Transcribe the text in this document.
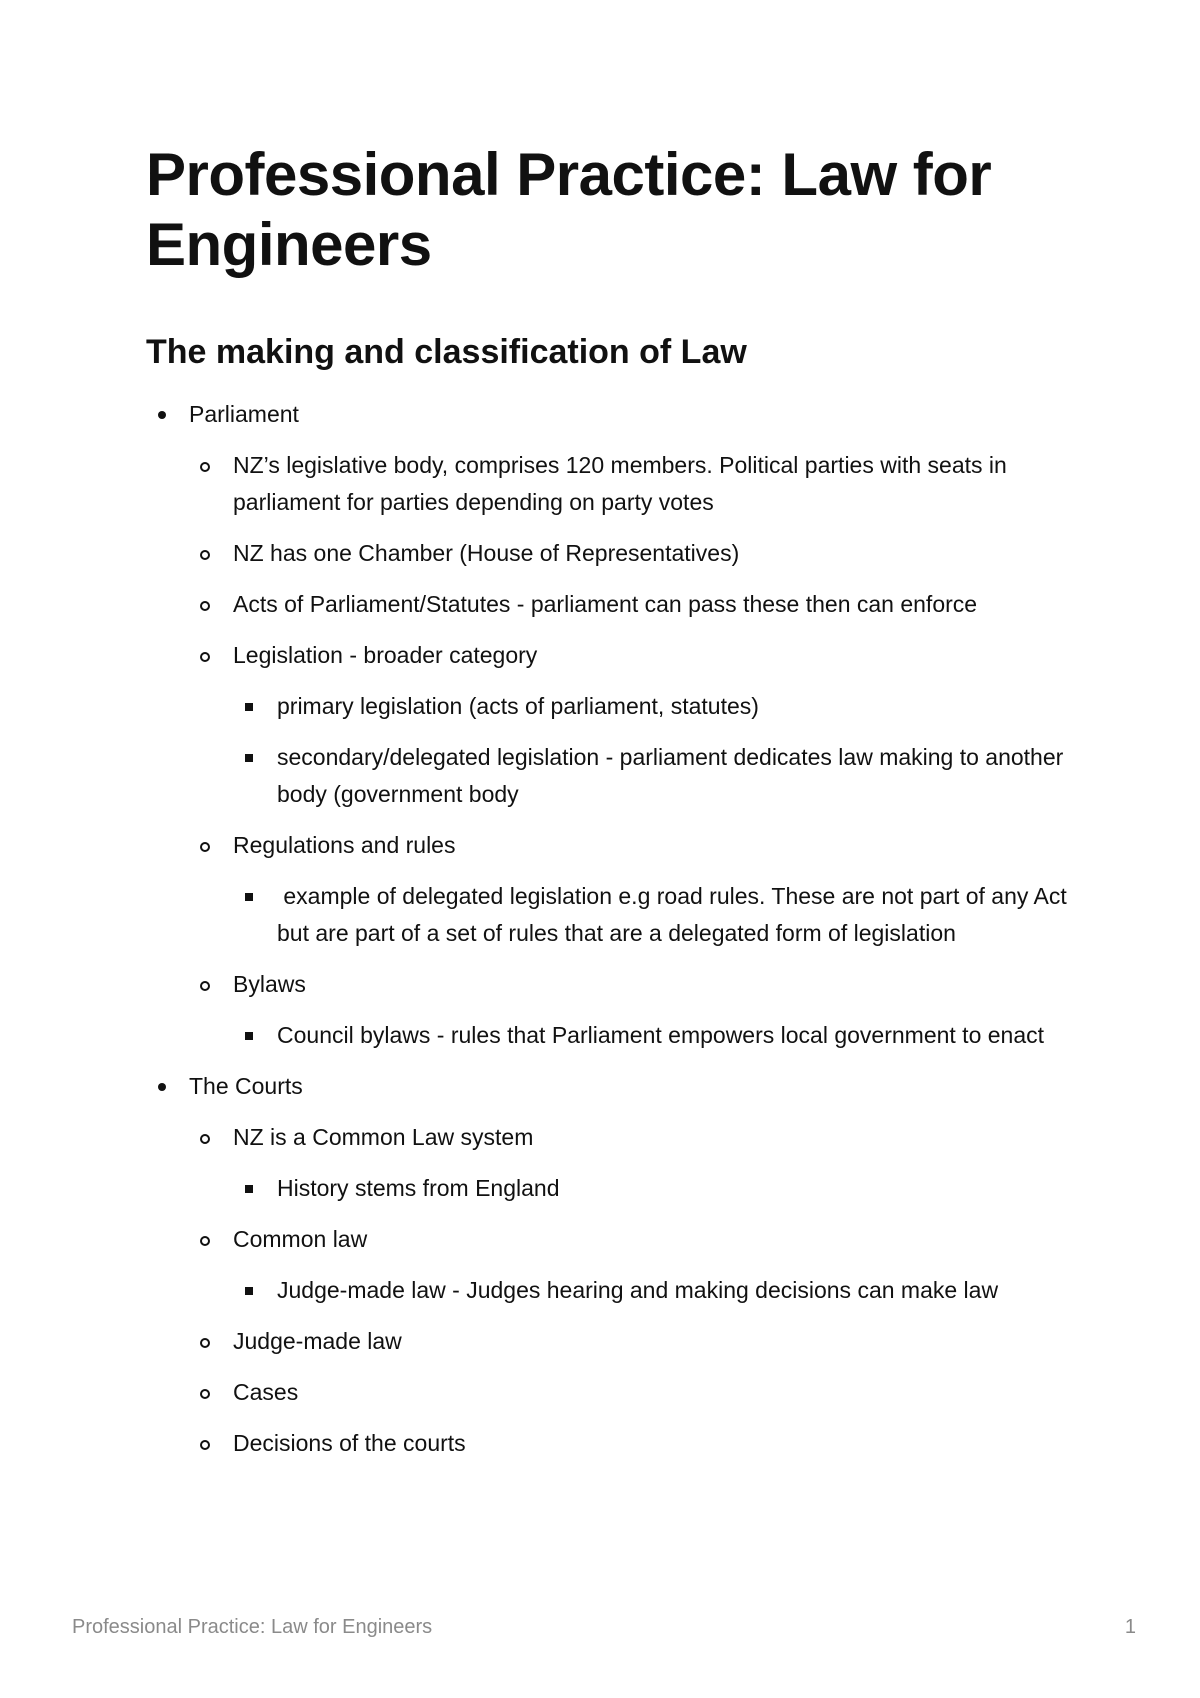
Professional Practice: Law for Engineers
The making and classification of Law
Parliament
NZ’s legislative body, comprises 120 members. Political parties with seats in parliament for parties depending on party votes
NZ has one Chamber (House of Representatives)
Acts of Parliament/Statutes - parliament can pass these then can enforce
Legislation - broader category
primary legislation (acts of parliament, statutes)
secondary/delegated legislation - parliament dedicates law making to another body (government body
Regulations and rules
example of delegated legislation e.g road rules. These are not part of any Act but are part of a set of rules that are a delegated form of legislation
Bylaws
Council bylaws - rules that Parliament empowers local government to enact
The Courts
NZ is a Common Law system
History stems from England
Common law
Judge-made law - Judges hearing and making decisions can make law
Judge-made law
Cases
Decisions of the courts
Professional Practice: Law for Engineers	1
